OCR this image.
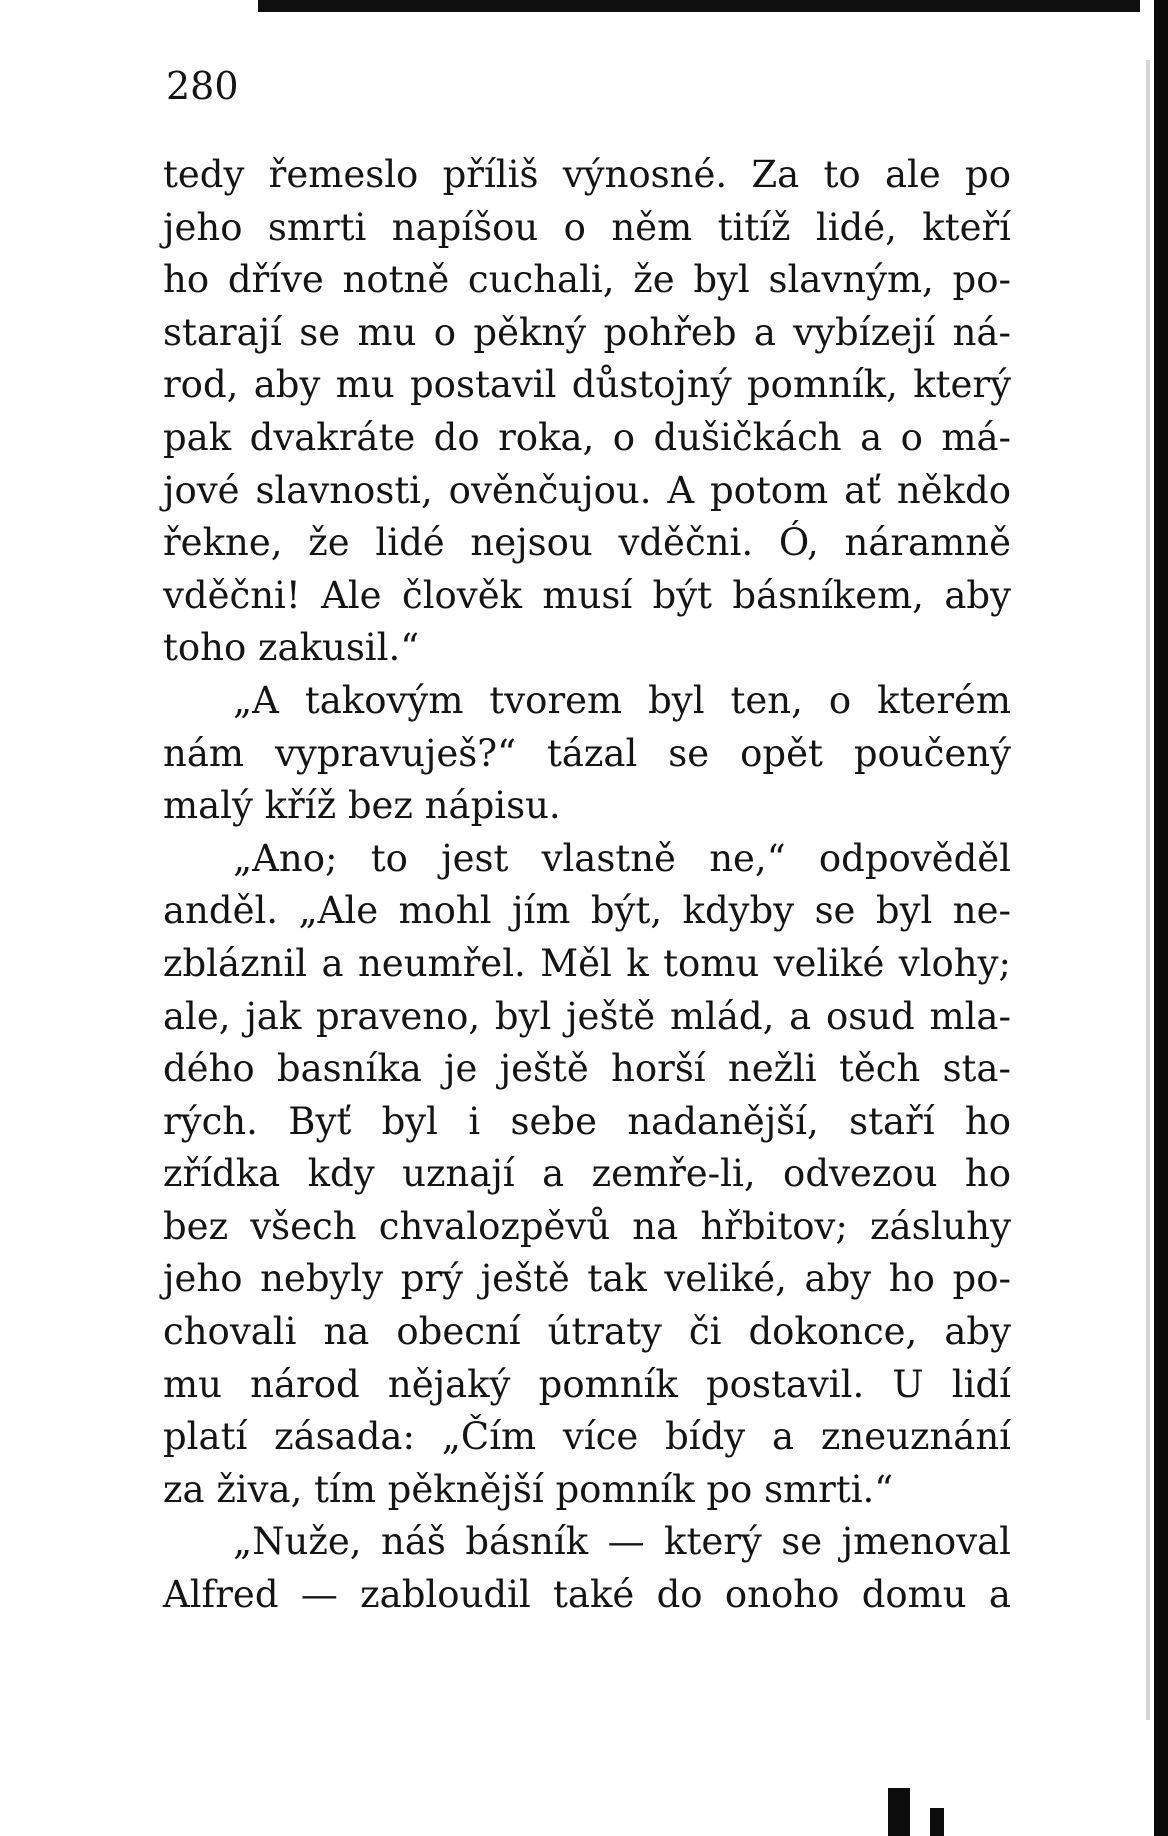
280
tedy řemeslo příliš výnosné. Za to ale po
jeho smrti napíšou o něm titíž lidé, kteří
ho dříve notně cuchali, že byl slavným, po-
starají se mu o pěkný pohřeb a vybízejí ná-
rod, aby mu postavil důstojný pomník, který
pak dvakráte do roka, o dušičkách a o má-
jové slavnosti, ověnčujou. A potom ať někdo
řekne, že lidé nejsou vděčni. Ó, náramně
vděčni! Ale člověk musí být básníkem, aby
toho zakusil.“
„A takovým tvorem byl ten, o kterém
nám vypravuješ?“ tázal se opět poučený
malý kříž bez nápisu.
„Ano; to jest vlastně ne,“ odpověděl
anděl. „Ale mohl jím být, kdyby se byl ne-
zbláznil a neumřel. Měl k tomu veliké vlohy;
ale, jak praveno, byl ještě mlád, a osud mla-
dého basníka je ještě horší nežli těch sta-
rých. Byť byl i sebe nadanější, staří ho
zřídka kdy uznají a zemře-li, odvezou ho
bez všech chvalozpěvů na hřbitov; zásluhy
jeho nebyly prý ještě tak veliké, aby ho po-
chovali na obecní útraty či dokonce, aby
mu národ nějaký pomník postavil. U lidí
platí zásada: „Čím více bídy a zneuznání
za živa, tím pěknější pomník po smrti.“
„Nuže, náš básník — který se jmenoval
Alfred — zabloudil také do onoho domu a
